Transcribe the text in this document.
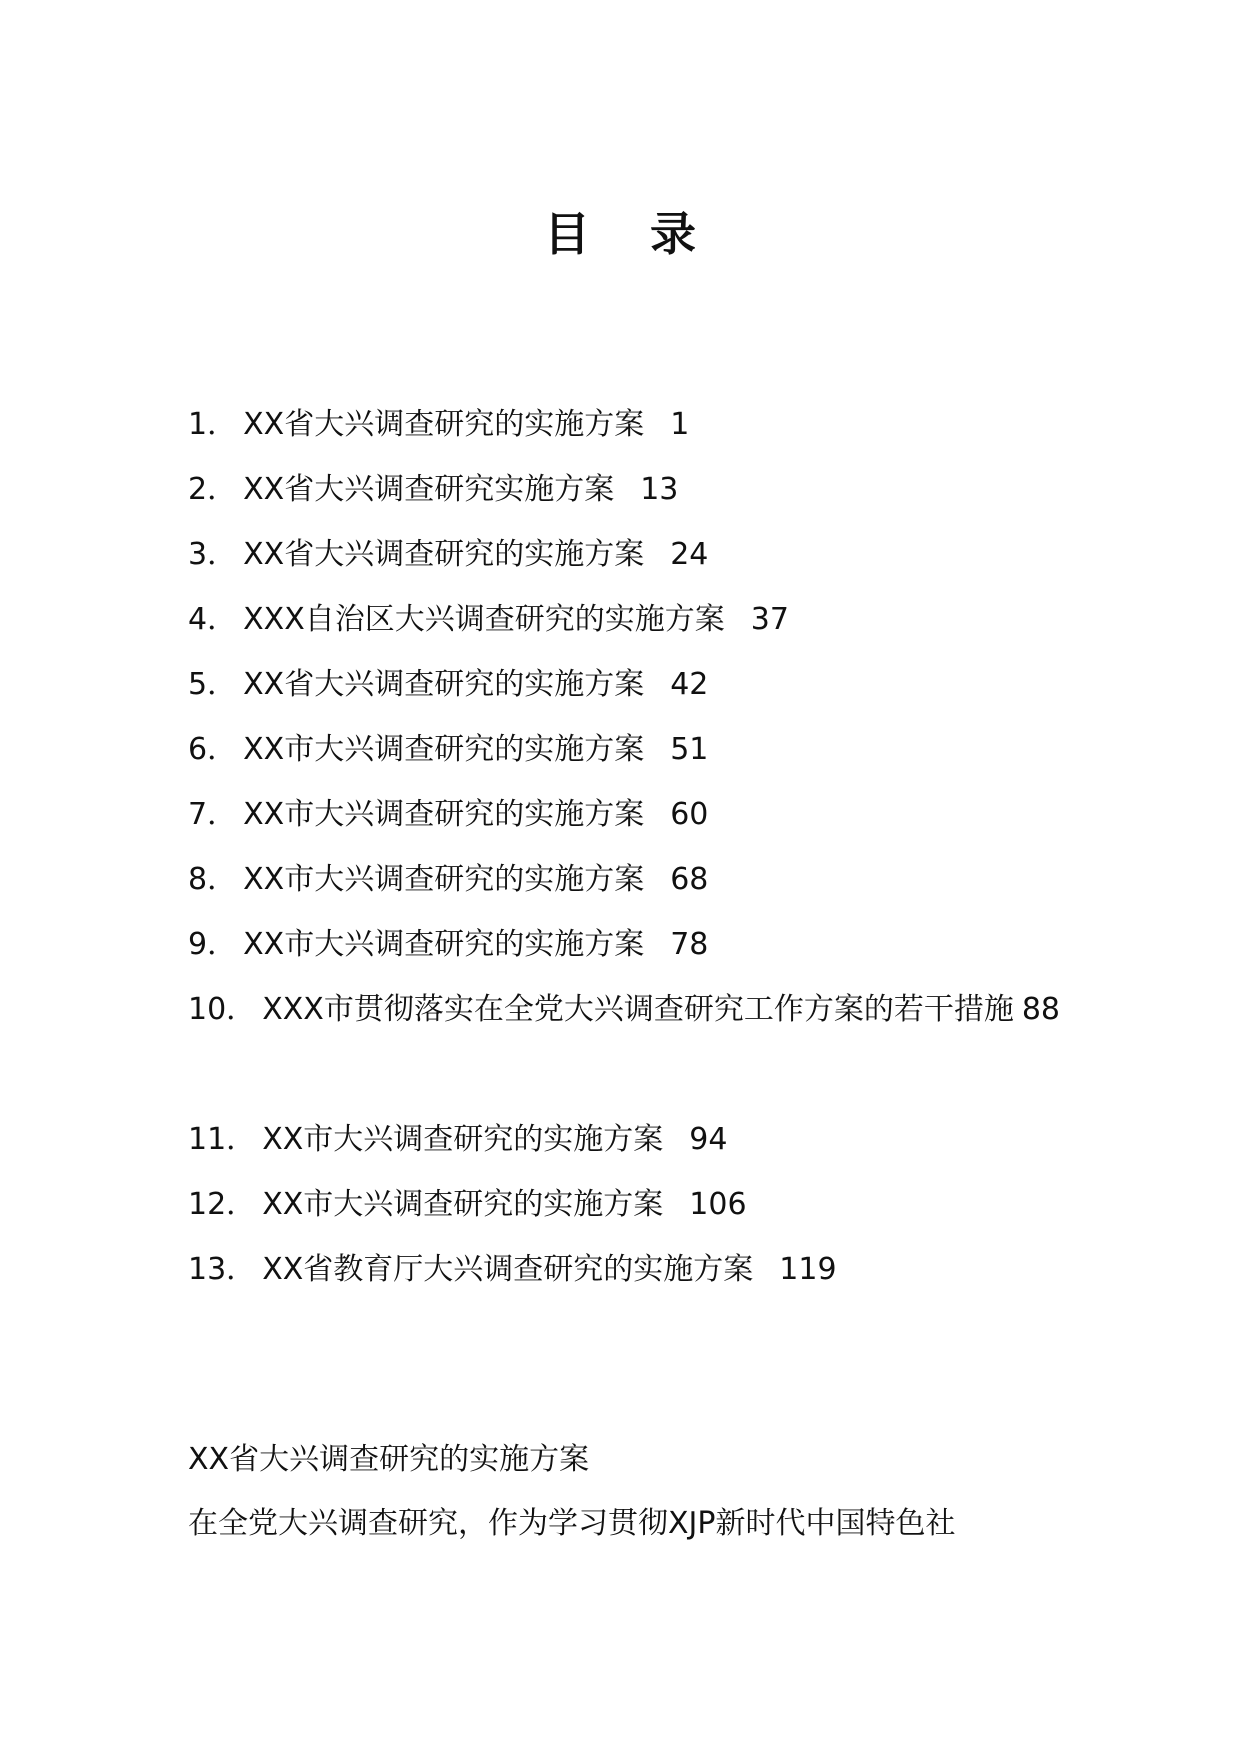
目 录
1． XX省大兴调查研究的实施方案 1
2． XX省大兴调查研究实施方案 13
3． XX省大兴调查研究的实施方案 24
4． XXX自治区大兴调查研究的实施方案 37
5． XX省大兴调查研究的实施方案 42
6． XX市大兴调查研究的实施方案 51
7． XX市大兴调查研究的实施方案 60
8． XX市大兴调查研究的实施方案 68
9． XX市大兴调查研究的实施方案 78
10． XXX市贯彻落实在全党大兴调查研究工作方案的若干措施 88
11． XX市大兴调查研究的实施方案 94
12． XX市大兴调查研究的实施方案 106
13． XX省教育厅大兴调查研究的实施方案 119
XX省大兴调查研究的实施方案
在全党大兴调查研究，作为学习贯彻XJP新时代中国特色社
